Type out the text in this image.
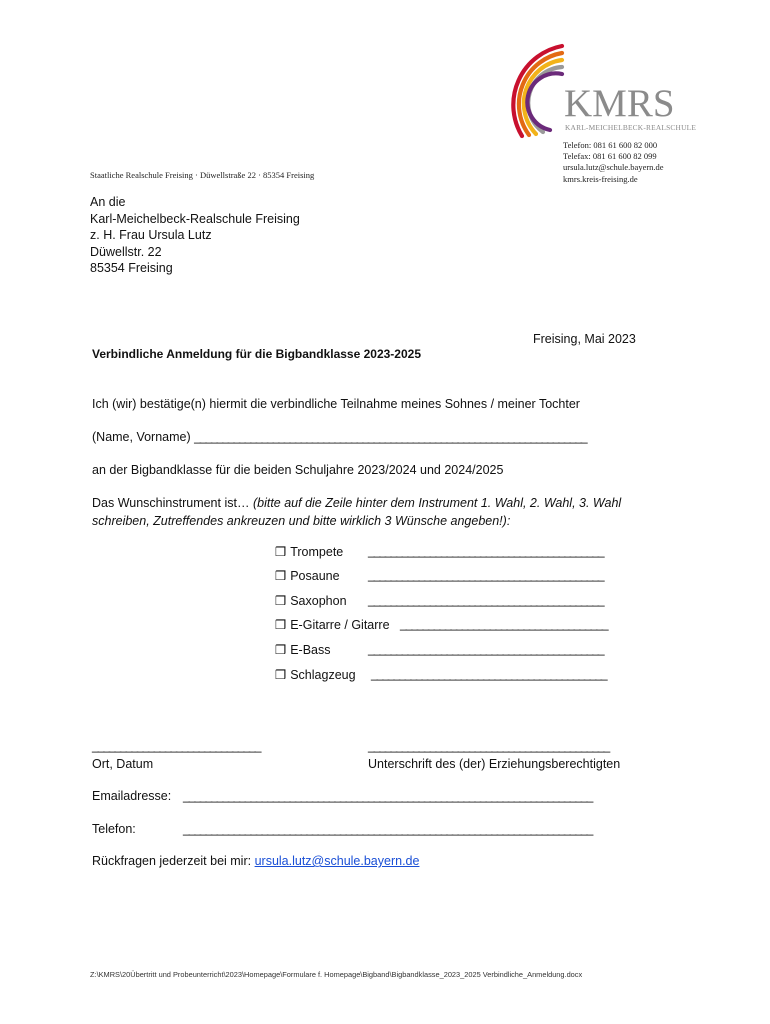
KMRS
KARL-MEICHELBECK-REALSCHULE
Telefon: 081 61 600 82 000
Telefax: 081 61 600 82 099
ursula.lutz@schule.bayern.de
kmrs.kreis-freising.de
Staatliche Realschule Freising · Düwellstraße 22 · 85354 Freising
An die
Karl-Meichelbeck-Realschule Freising
z. H. Frau Ursula Lutz
Düwellstr. 22
85354 Freising
Freising, Mai 2023
Verbindliche Anmeldung für die Bigbandklasse 2023-2025
Ich (wir) bestätige(n) hiermit die verbindliche Teilnahme meines Sohnes / meiner Tochter
(Name, Vorname) ______________________________________________________________________
an der Bigbandklasse für die beiden Schuljahre 2023/2024 und 2024/2025
Das Wunschinstrument ist… (bitte auf die Zeile hinter dem Instrument 1. Wahl, 2. Wahl, 3. Wahl
schreiben, Zutreffendes ankreuzen und bitte wirklich 3 Wünsche angeben!):
❒ Trompete __________________________________________
❒ Posaune __________________________________________
❒ Saxophon __________________________________________
❒ E-Gitarre / Gitarre _____________________________________
❒ E-Bass	__________________________________________
❒ Schlagzeug __________________________________________
______________________________
Ort, Datum
___________________________________________
Unterschrift des (der) Erziehungsberechtigten
Emailadresse: _________________________________________________________________________
Telefon:	_________________________________________________________________________
Rückfragen jederzeit bei mir: ursula.lutz@schule.bayern.de
Z:\KMRS\20Übertritt und Probeunterricht\2023\Homepage\Formulare f. Homepage\Bigband\Bigbandklasse_2023_2025 Verbindliche_Anmeldung.docx
